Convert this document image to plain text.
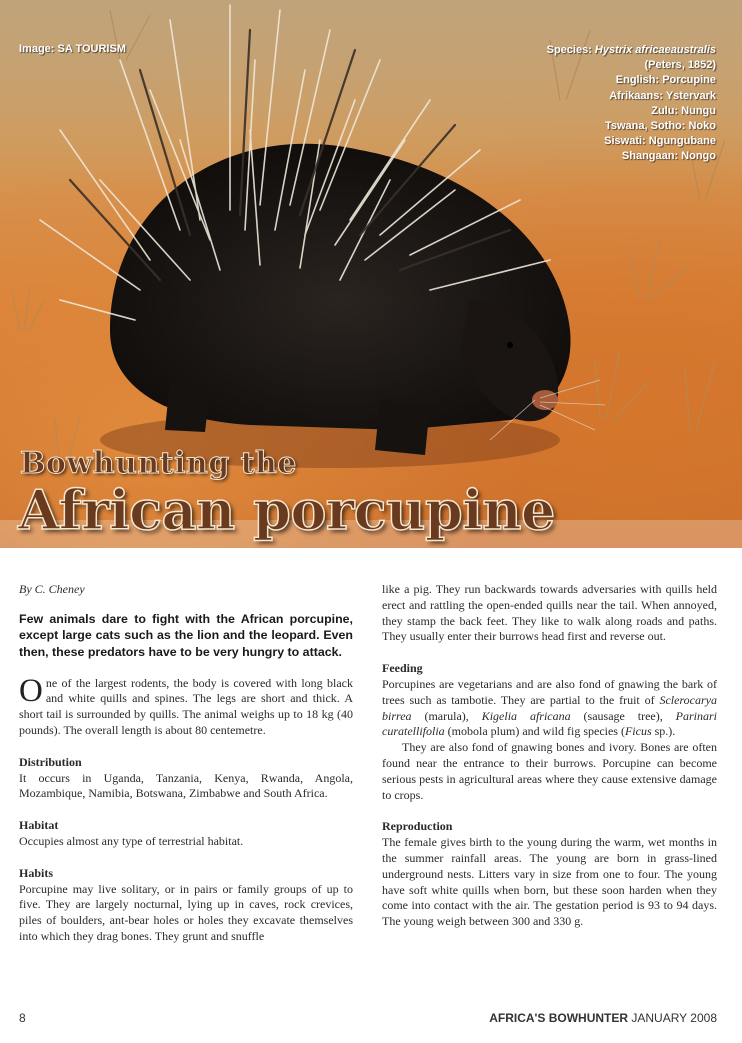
Image: SA TOURISM	Species: Hystrix africaeaustralis
(Peters, 1852)
English: Porcupine
Afrikaans: Ystervark
Zulu: Nungu
Tswana, Sotho: Noko
Siswati: Ngungubane
Shangaan: Nongo
Bowhunting the
African porcupine

By C. Cheney

Few animals dare to fight with the African porcupine, except large cats such as the lion and the leopard. Even then, these predators have to be very hungry to attack.

One of the largest rodents, the body is covered with long black and white quills and spines. The legs are short and thick. A short tail is surrounded by quills. The animal weighs up to 18 kg (40 pounds). The overall length is about 80 centemetre.

Distribution

It occurs in Uganda, Tanzania, Kenya, Rwanda, Angola, Mozambique, Namibia, Botswana, Zimbabwe and South Africa.

Habitat

Occupies almost any type of terrestrial habitat.

Habits

Porcupine may live solitary, or in pairs or family groups of up to five. They are largely nocturnal, lying up in caves, rock crevices, piles of boulders, ant-bear holes or holes they excavate themselves into which they drag bones. They grunt and snuffle

like a pig. They run backwards towards adversaries with quills held erect and rattling the open-ended quills near the tail. When annoyed, they stamp the back feet. They like to walk along roads and paths. They usually enter their burrows head first and reverse out.

Feeding

Porcupines are vegetarians and are also fond of gnawing the bark of trees such as tambotie. They are partial to the fruit of Sclerocarya birrea (marula), Kigelia africana (sausage tree), Parinari curatellifolia (mobola plum) and wild fig species (Ficus sp.).

They are also fond of gnawing bones and ivory. Bones are often found near the entrance to their burrows. Porcupine can become serious pests in agricultural areas where they cause extensive damage to crops.

Reproduction

The female gives birth to the young during the warm, wet months in the summer rainfall areas. The young are born in grass-lined underground nests. Litters vary in size from one to four. The young have soft white quills when born, but these soon harden when they come into contact with the air. The gestation period is 93 to 94 days. The young weigh between 300 and 330 g.

8	AFRICA'S BOWHUNTER JANUARY 2008
